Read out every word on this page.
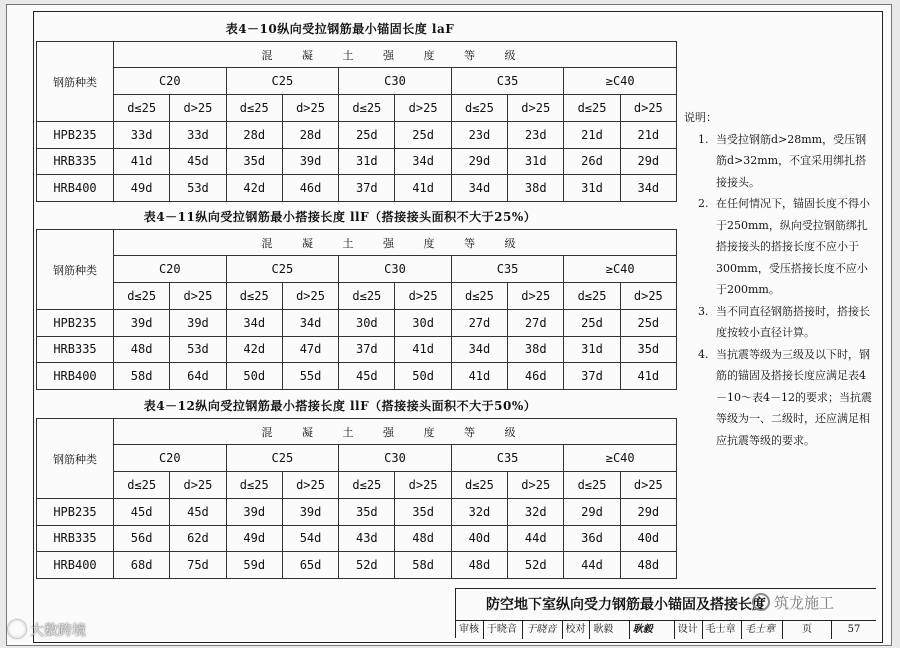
表4－10纵向受拉钢筋最小锚固长度 laF
钢筋种类	混 凝 土 强 度 等 级									
	C20		C25		C30		C35		≥C40	
	d≤25	d>25	d≤25	d>25	d≤25	d>25	d≤25	d>25	d≤25	d>25
HPB235	33d	33d	28d	28d	25d	25d	23d	23d	21d	21d
HRB335	41d	45d	35d	39d	31d	34d	29d	31d	26d	29d
HRB400	49d	53d	42d	46d	37d	41d	34d	38d	31d	34d
表4－11纵向受拉钢筋最小搭接长度 llF（搭接接头面积不大于25%）
钢筋种类	混 凝 土 强 度 等 级									
	C20		C25		C30		C35		≥C40	
	d≤25	d>25	d≤25	d>25	d≤25	d>25	d≤25	d>25	d≤25	d>25
HPB235	39d	39d	34d	34d	30d	30d	27d	27d	25d	25d
HRB335	48d	53d	42d	47d	37d	41d	34d	38d	31d	35d
HRB400	58d	64d	50d	55d	45d	50d	41d	46d	37d	41d
表4－12纵向受拉钢筋最小搭接长度 llF（搭接接头面积不大于50%）
钢筋种类	混 凝 土 强 度 等 级									
	C20		C25		C30		C35		≥C40	
	d≤25	d>25	d≤25	d>25	d≤25	d>25	d≤25	d>25	d≤25	d>25
HPB235	45d	45d	39d	39d	35d	35d	32d	32d	29d	29d
HRB335	56d	62d	49d	54d	43d	48d	40d	44d	36d	40d
HRB400	68d	75d	59d	65d	52d	58d	48d	52d	44d	48d
说明：
1. 当受拉钢筋d>28mm，受压钢筋d>32mm，不宜采用绑扎搭接接头。
2. 在任何情况下，锚固长度不得小于250mm，纵向受拉钢筋绑扎搭接接头的搭接长度不应小于300mm，受压搭接长度不应小于200mm。
3. 当不同直径钢筋搭接时，搭接长度按较小直径计算。
4. 当抗震等级为三级及以下时，钢筋的锚固及搭接长度应满足表4－10～表4－12的要求；当抗震等级为一、二级时，还应满足相应抗震等级的要求。
防空地下室纵向受力钢筋最小锚固及搭接长度
审核 于晓音 于晓音 校对 耿毅	耿毅	设计 毛士章 毛士章	页	57
筑龙施工
大数跨境
